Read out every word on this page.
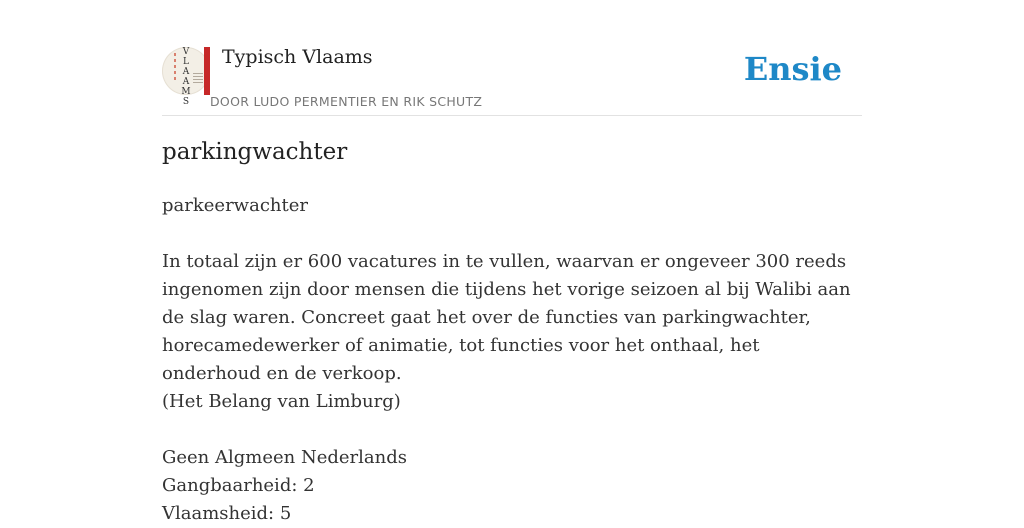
V
L
A
A
M
S
Typisch Vlaams
DOOR LUDO PERMENTIER EN RIK SCHUTZ
Ensie
parkingwachter

parkeerwachter

In totaal zijn er 600 vacatures in te vullen, waarvan er ongeveer 300 reeds ingenomen zijn door mensen die tijdens het vorige seizoen al bij Walibi aan de slag waren. Concreet gaat het over de functies van parkingwachter, horecamedewerker of animatie, tot functies voor het onthaal, het onderhoud en de verkoop.

(Het Belang van Limburg)

Geen Algmeen Nederlands

Gangbaarheid: 2

Vlaamsheid: 5
